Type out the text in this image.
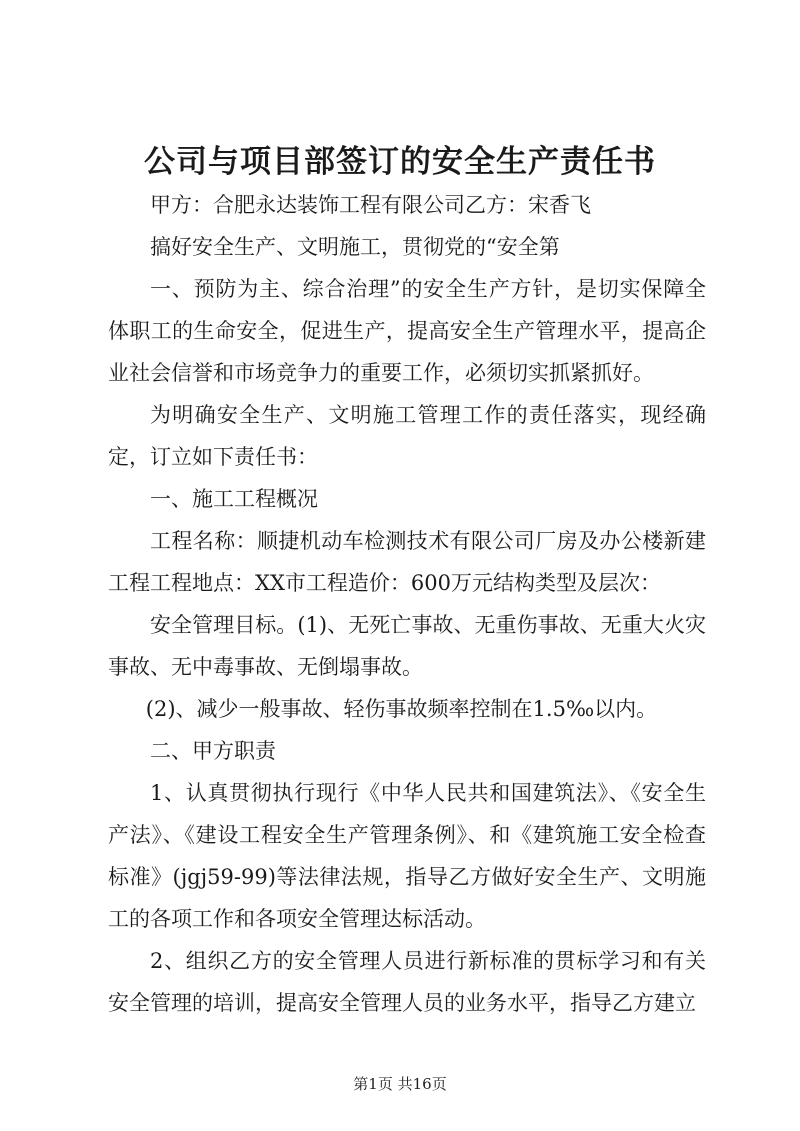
公司与项目部签订的安全生产责任书

甲方：合肥永达装饰工程有限公司乙方：宋香飞

搞好安全生产、文明施工，贯彻党的“安全第

一、预防为主、综合治理”的安全生产方针，是切实保障全体职工的生命安全，促进生产，提高安全生产管理水平，提高企业社会信誉和市场竞争力的重要工作，必须切实抓紧抓好。

为明确安全生产、文明施工管理工作的责任落实，现经确定，订立如下责任书：

一、施工工程概况

工程名称：顺捷机动车检测技术有限公司厂房及办公楼新建工程工程地点：XX市工程造价：600万元结构类型及层次：

安全管理目标。(1)、无死亡事故、无重伤事故、无重大火灾事故、无中毒事故、无倒塌事故。

(2)、减少一般事故、轻伤事故频率控制在1.5‰以内。

二、甲方职责

1、认真贯彻执行现行《中华人民共和国建筑法》、《安全生产法》、《建设工程安全生产管理条例》、和《建筑施工安全检查标准》(jgj59-99)等法律法规，指导乙方做好安全生产、文明施工的各项工作和各项安全管理达标活动。

2、组织乙方的安全管理人员进行新标准的贯标学习和有关安全管理的培训，提高安全管理人员的业务水平，指导乙方建立

第1页 共16页
